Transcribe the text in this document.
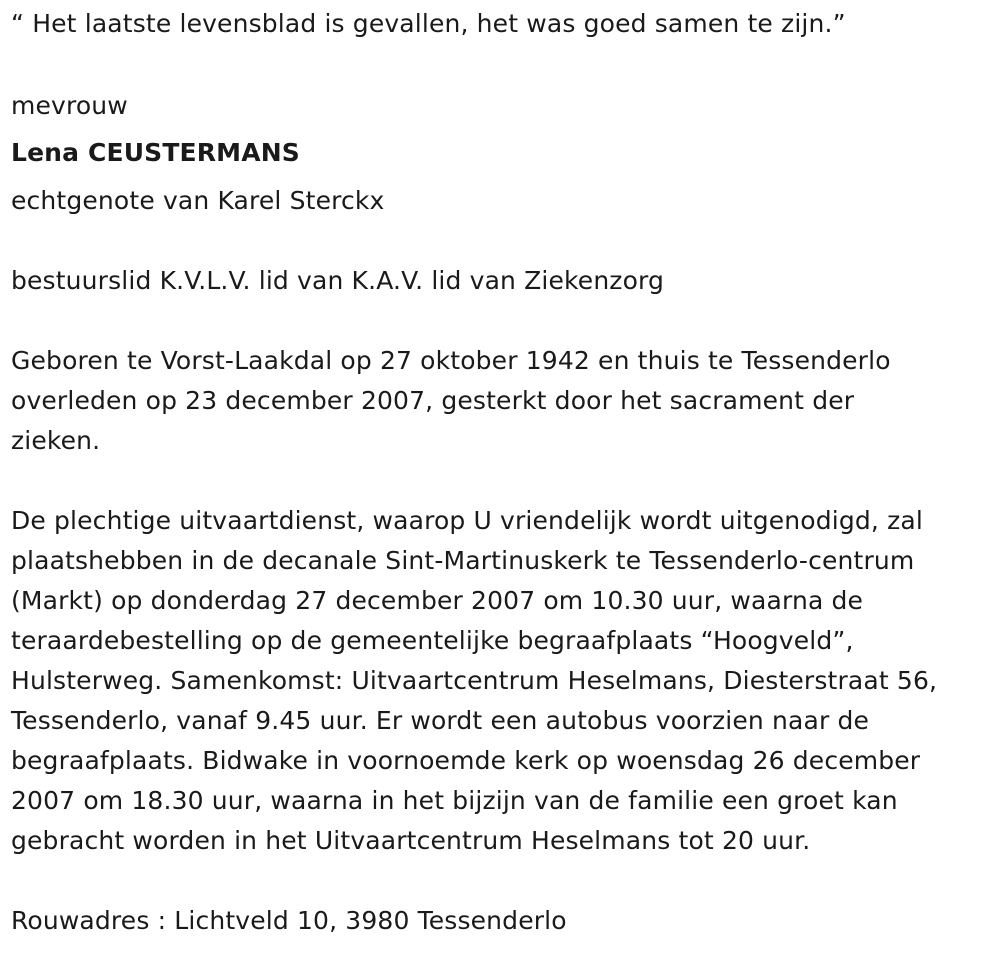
“ Het laatste levensblad is gevallen, het was goed samen te zijn.”
mevrouw
Lena CEUSTERMANS
echtgenote van Karel Sterckx
bestuurslid K.V.L.V. lid van K.A.V. lid van Ziekenzorg
Geboren te Vorst-Laakdal op 27 oktober 1942 en thuis te Tessenderlo
overleden op 23 december 2007, gesterkt door het sacrament der
zieken.
De plechtige uitvaartdienst, waarop U vriendelijk wordt uitgenodigd, zal
plaatshebben in de decanale Sint-Martinuskerk te Tessenderlo-centrum
(Markt) op donderdag 27 december 2007 om 10.30 uur, waarna de
teraardebestelling op de gemeentelijke begraafplaats “Hoogveld”,
Hulsterweg. Samenkomst: Uitvaartcentrum Heselmans, Diesterstraat 56,
Tessenderlo, vanaf 9.45 uur. Er wordt een autobus voorzien naar de
begraafplaats. Bidwake in voornoemde kerk op woensdag 26 december
2007 om 18.30 uur, waarna in het bijzijn van de familie een groet kan
gebracht worden in het Uitvaartcentrum Heselmans tot 20 uur.
Rouwadres : Lichtveld 10, 3980 Tessenderlo
